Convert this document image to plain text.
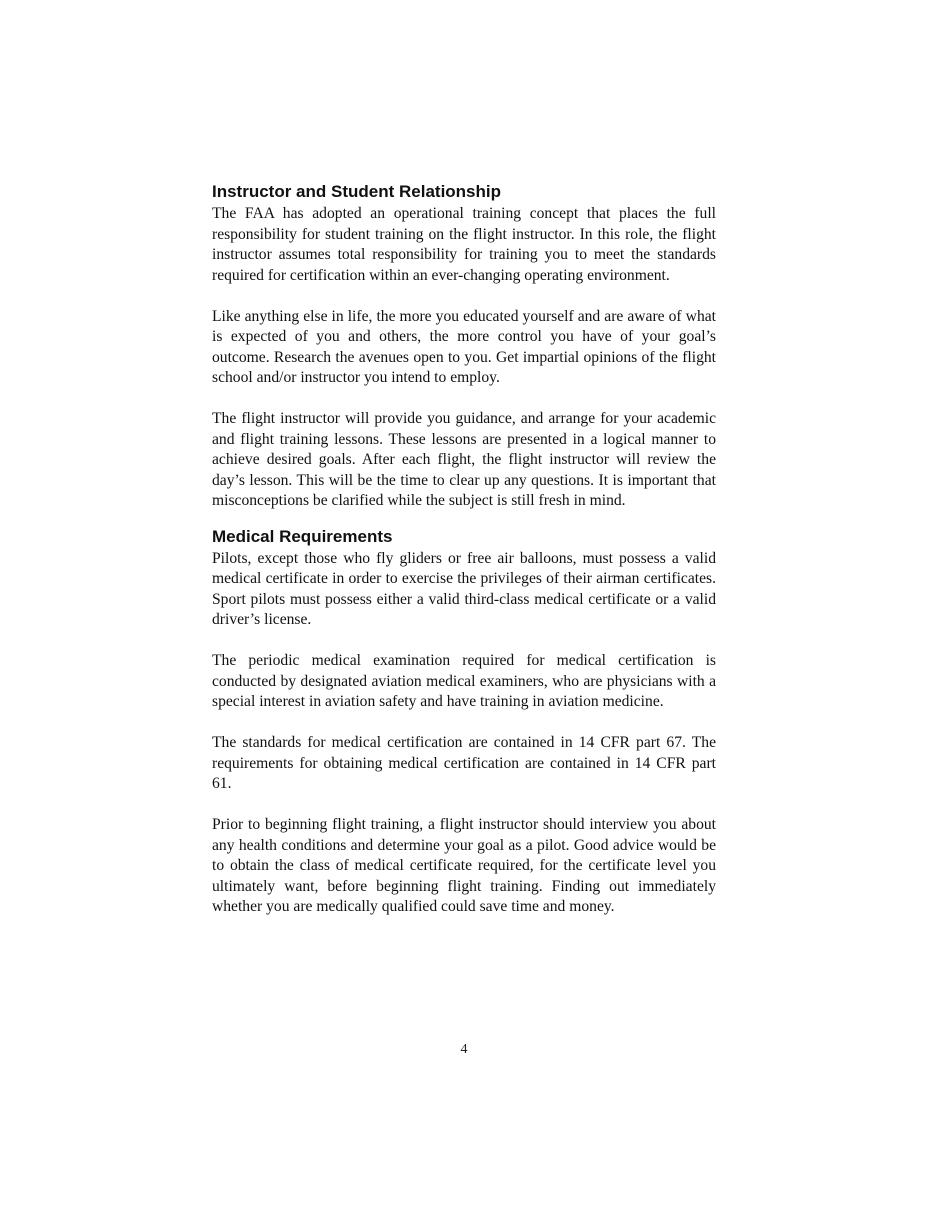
Instructor and Student Relationship

The FAA has adopted an operational training concept that places the full responsibility for student training on the flight instructor. In this role, the flight instructor assumes total responsibility for training you to meet the standards required for certification within an ever-changing operating environment.

Like anything else in life, the more you educated yourself and are aware of what is expected of you and others, the more control you have of your goal’s outcome. Research the avenues open to you. Get impartial opinions of the flight school and/or instructor you intend to employ.

The flight instructor will provide you guidance, and arrange for your academic and flight training lessons. These lessons are presented in a logical manner to achieve desired goals. After each flight, the flight instructor will review the day’s lesson. This will be the time to clear up any questions. It is important that misconceptions be clarified while the subject is still fresh in mind.

Medical Requirements

Pilots, except those who fly gliders or free air balloons, must possess a valid medical certificate in order to exercise the privileges of their airman certificates. Sport pilots must possess either a valid third-class medical certificate or a valid driver’s license.

The periodic medical examination required for medical certification is conducted by designated aviation medical examiners, who are physicians with a special interest in aviation safety and have training in aviation medicine.

The standards for medical certification are contained in 14 CFR part 67. The requirements for obtaining medical certification are contained in 14 CFR part 61.

Prior to beginning flight training, a flight instructor should interview you about any health conditions and determine your goal as a pilot. Good advice would be to obtain the class of medical certificate required, for the certificate level you ultimately want, before beginning flight training. Finding out immediately whether you are medically qualified could save time and money.

4
